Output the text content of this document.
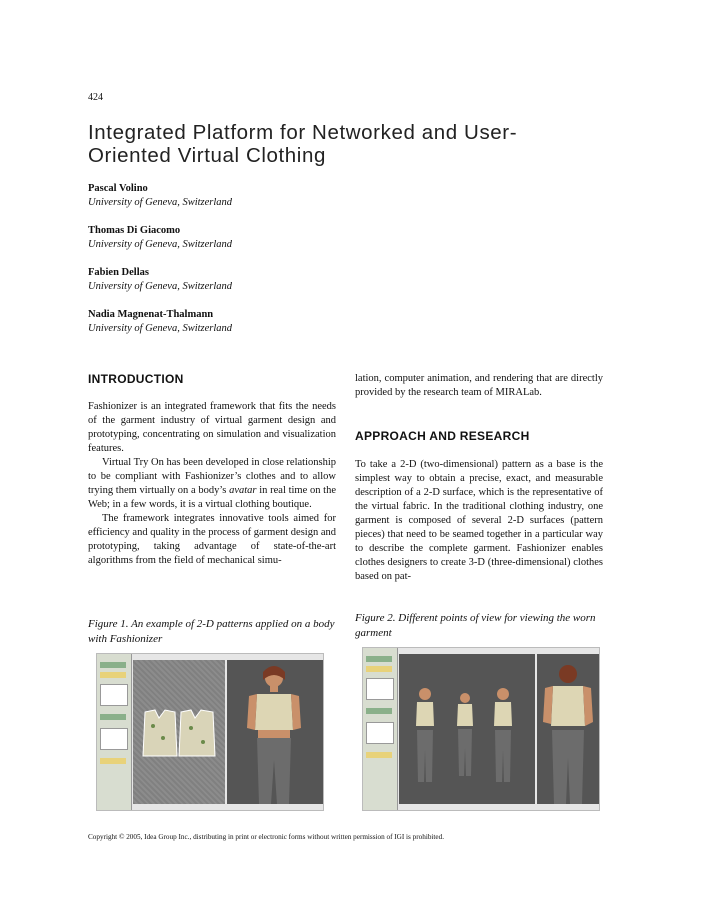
424
Integrated Platform for Networked and User-
Oriented Virtual Clothing
Pascal Volino
University of Geneva, Switzerland
Thomas Di Giacomo
University of Geneva, Switzerland
Fabien Dellas
University of Geneva, Switzerland
Nadia Magnenat-Thalmann
University of Geneva, Switzerland
INTRODUCTION

Fashionizer is an integrated framework that fits the needs of the garment industry of virtual garment design and prototyping, concentrating on simulation and visualization features.

Virtual Try On has been developed in close relationship to be compliant with Fashionizer’s clothes and to allow trying them virtually on a body’s avatar in real time on the Web; in a few words, it is a virtual clothing boutique.

The framework integrates innovative tools aimed for efficiency and quality in the process of garment design and prototyping, taking advantage of state-of-the-art algorithms from the field of mechanical simu-

lation, computer animation, and rendering that are directly provided by the research team of MIRALab.

APPROACH AND RESEARCH

To take a 2-D (two-dimensional) pattern as a base is the simplest way to obtain a precise, exact, and measurable description of a 2-D surface, which is the representative of the virtual fabric. In the traditional clothing industry, one garment is composed of several 2-D surfaces (pattern pieces) that need to be seamed together in a particular way to describe the complete garment. Fashionizer enables clothes designers to create 3-D (three-dimensional) clothes based on pat-

Figure 1. An example of 2-D patterns applied on a body with Fashionizer
Figure 2. Different points of view for viewing the worn garment
Copyright © 2005, Idea Group Inc., distributing in print or electronic forms without written permission of IGI is prohibited.
